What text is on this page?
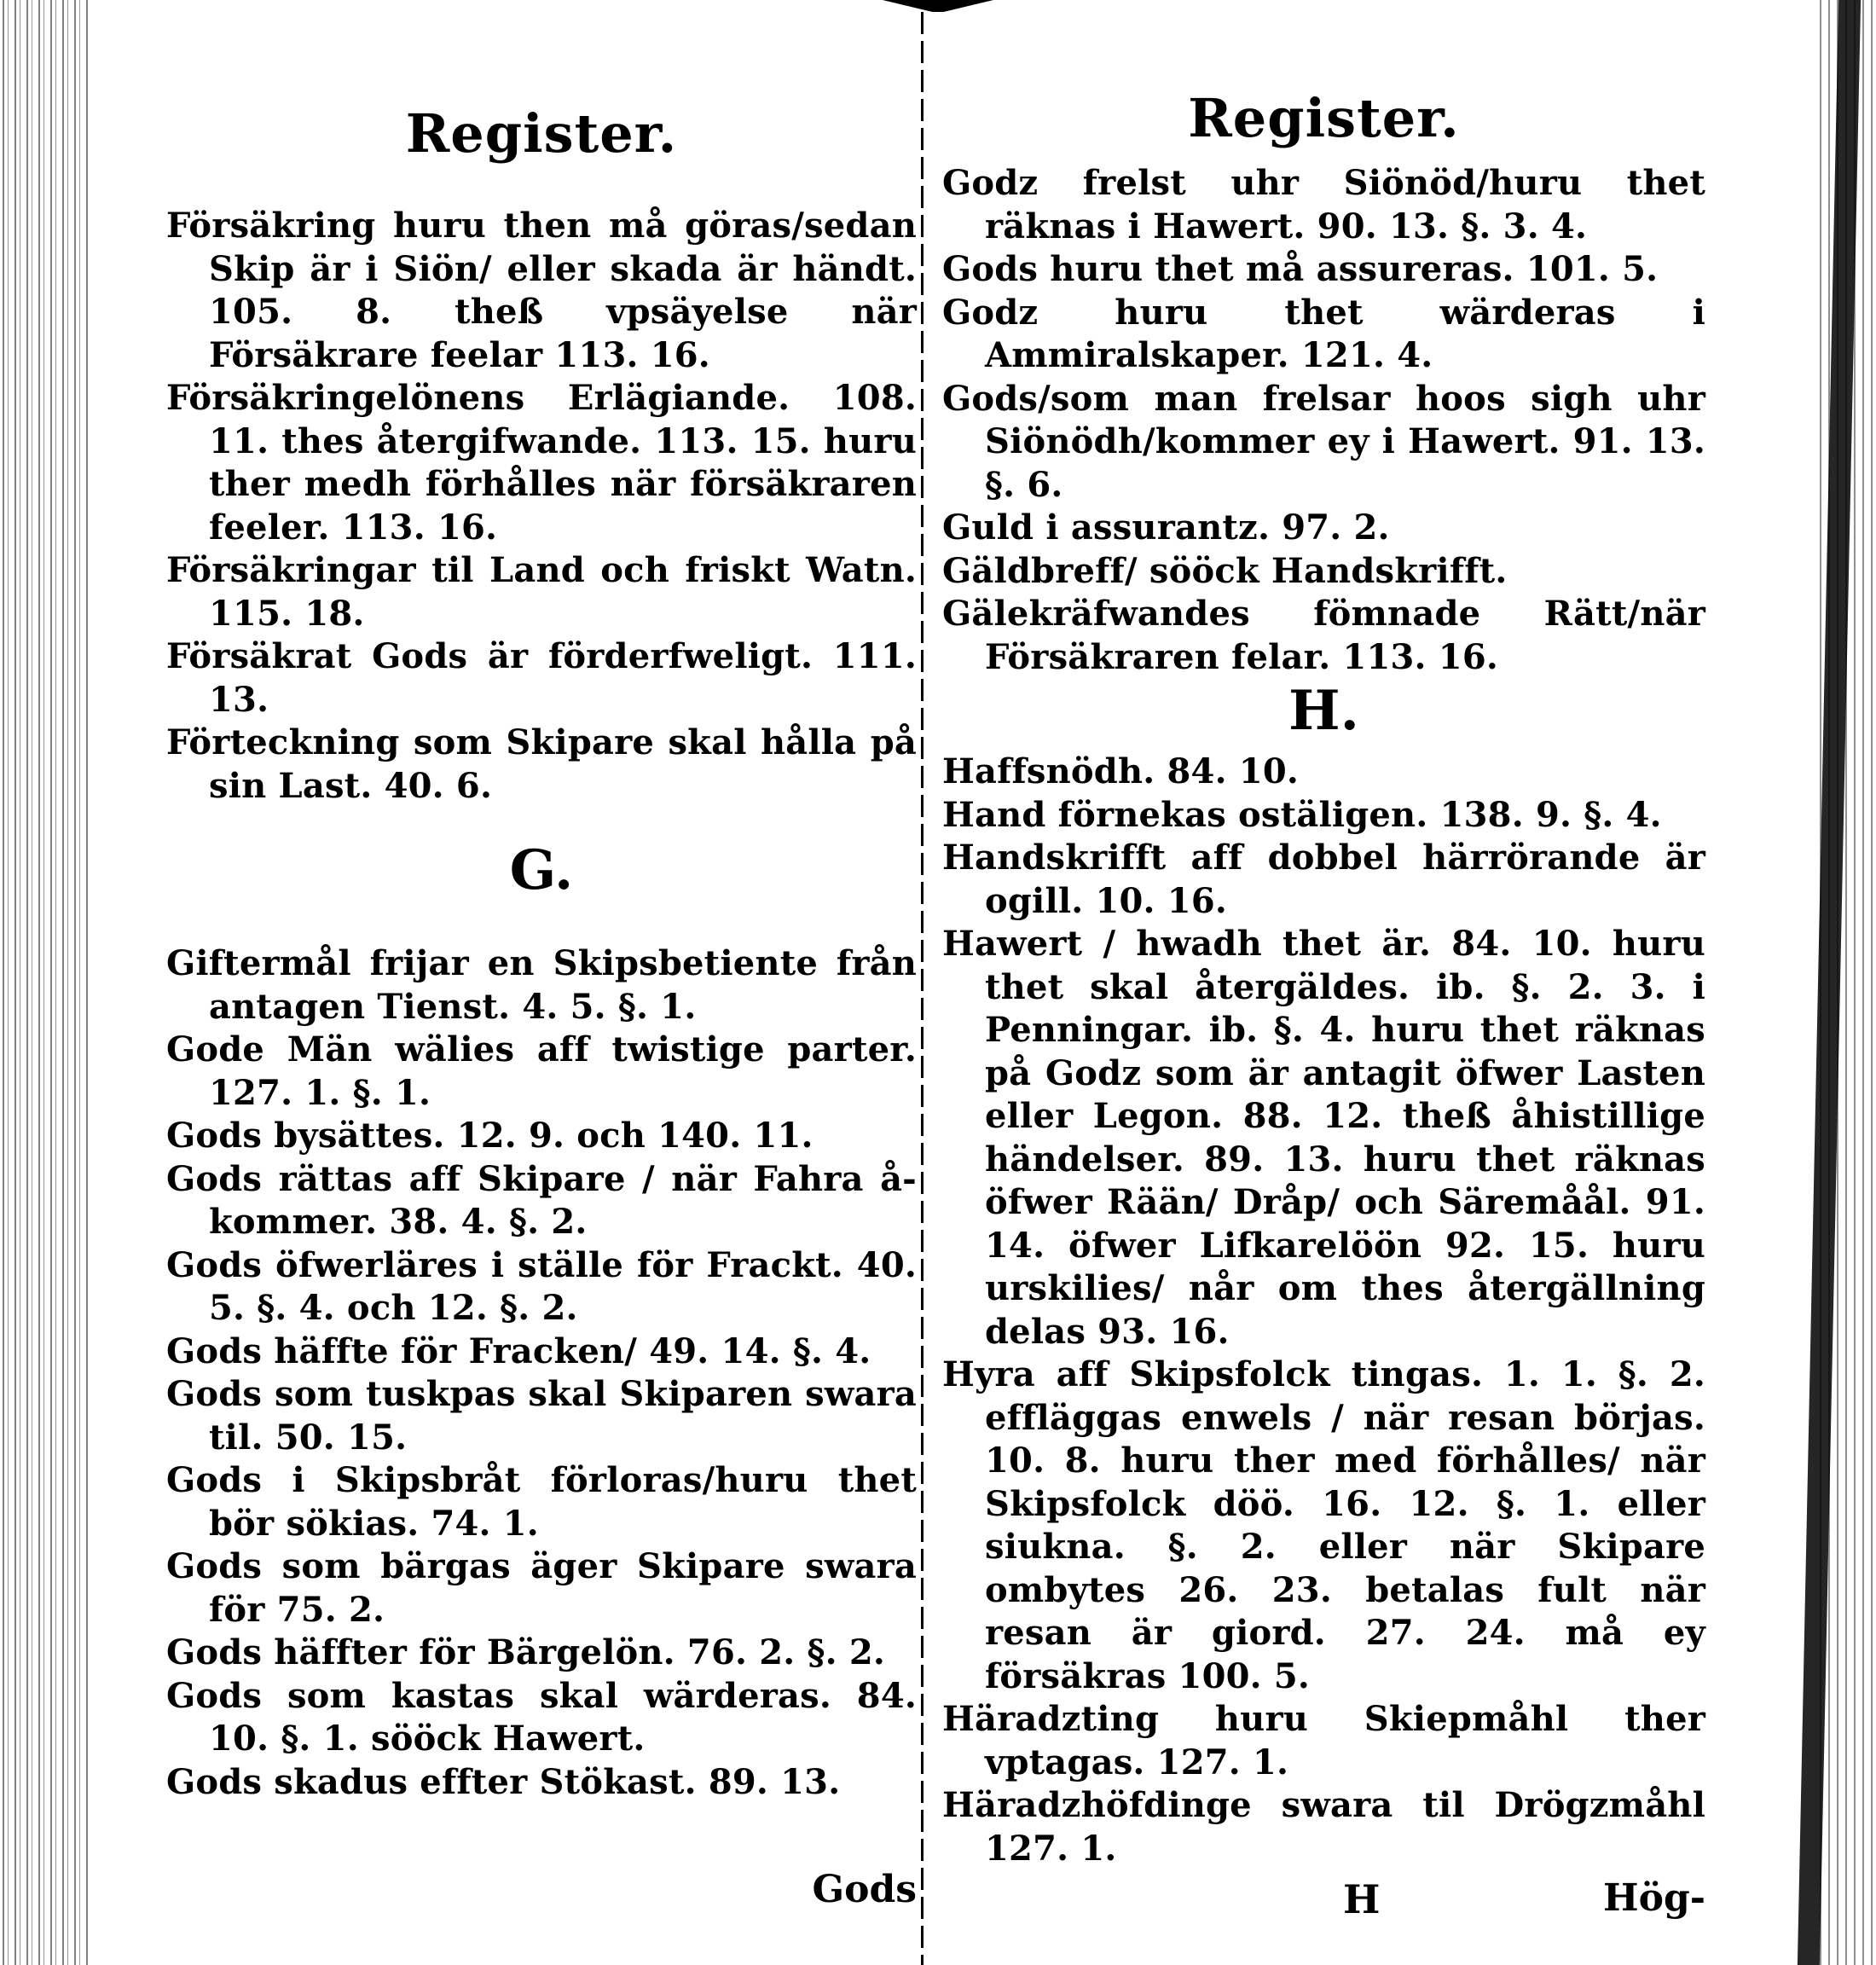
Register.

Försäkring huru then må göras/sedan Skip är i Siön/ eller skada är händt. 105. 8. theß vpsäyelse när Försäkrare feelar 113. 16.

Försäkringelönens Erlägiande. 108. 11. thes återgifwande. 113. 15. huru ther medh förhålles när försäkraren feeler. 113. 16.

Försäkringar til Land och friskt Watn. 115. 18.

Försäkrat Gods är förderfweligt. 111. 13.

Förteckning som Skipare skal hålla på sin Last. 40. 6.

G.

Giftermål frijar en Skipsbetiente från antagen Tienst. 4. 5. §. 1.

Gode Män wälies aff twistige parter. 127. 1. §. 1.

Gods bysättes. 12. 9. och 140. 11.

Gods rättas aff Skipare / när Fahra å-kommer. 38. 4. §. 2.

Gods öfwerläres i ställe för Frackt. 40. 5. §. 4. och 12. §. 2.

Gods häffte för Fracken/ 49. 14. §. 4.

Gods som tuskpas skal Skiparen swara til. 50. 15.

Gods i Skipsbråt förloras/huru thet bör sökias. 74. 1.

Gods som bärgas äger Skipare swara för 75. 2.

Gods häffter för Bärgelön. 76. 2. §. 2.

Gods som kastas skal wärderas. 84. 10. §. 1. sööck Hawert.

Gods skadus effter Stökast. 89. 13.

Gods
Register.

Godz frelst uhr Siönöd/huru thet räknas i Hawert. 90. 13. §. 3. 4.

Gods huru thet må assureras. 101. 5.

Godz huru thet wärderas i Ammiralskaper. 121. 4.

Gods/som man frelsar hoos sigh uhr Siönödh/kommer ey i Hawert. 91. 13. §. 6.

Guld i assurantz. 97. 2.

Gäldbreff/ sööck Handskrifft.

Gälekräfwandes fömnade Rätt/när Försäkraren felar. 113. 16.

H.

Haffsnödh. 84. 10.

Hand förnekas ostäligen. 138. 9. §. 4.

Handskrifft aff dobbel härrörande är ogill. 10. 16.

Hawert / hwadh thet är. 84. 10. huru thet skal återgäldes. ib. §. 2. 3. i Penningar. ib. §. 4. huru thet räknas på Godz som är antagit öfwer Lasten eller Legon. 88. 12. theß åhistillige händelser. 89. 13. huru thet räknas öfwer Rään/ Dråp/ och Säremåål. 91. 14. öfwer Lifkarelöön 92. 15. huru urskilies/ når om thes återgällning delas 93. 16.

Hyra aff Skipsfolck tingas. 1. 1. §. 2. effläggas enwels / när resan börjas. 10. 8. huru ther med förhålles/ när Skipsfolck döö. 16. 12. §. 1. eller siukna. §. 2. eller när Skipare ombytes 26. 23. betalas fult när resan är giord. 27. 24. må ey försäkras 100. 5.

Häradzting huru Skiepmåhl ther vptagas. 127. 1.

Häradzhöfdinge swara til Drögzmåhl 127. 1.

H	Hög-
